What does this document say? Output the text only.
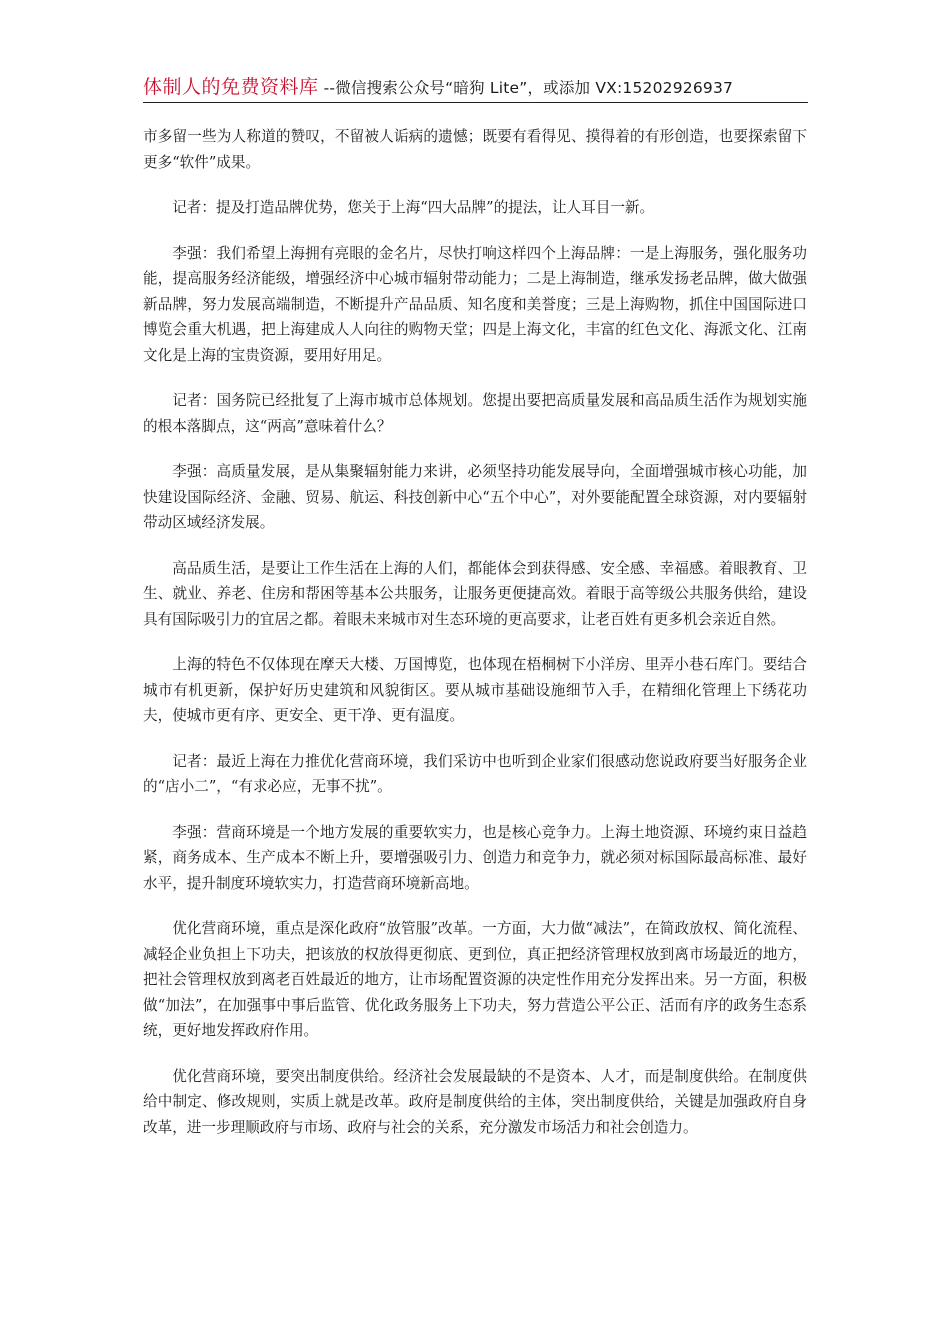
体制人的免费资料库 --微信搜索公众号“暗狗 Lite”，或添加 VX:15202926937

市多留一些为人称道的赞叹，不留被人诟病的遗憾；既要有看得见、摸得着的有形创造，也要探索留下更多“软件”成果。

记者：提及打造品牌优势，您关于上海“四大品牌”的提法，让人耳目一新。

李强：我们希望上海拥有亮眼的金名片，尽快打响这样四个上海品牌：一是上海服务，强化服务功能，提高服务经济能级，增强经济中心城市辐射带动能力；二是上海制造，继承发扬老品牌，做大做强新品牌，努力发展高端制造，不断提升产品品质、知名度和美誉度；三是上海购物，抓住中国国际进口博览会重大机遇，把上海建成人人向往的购物天堂；四是上海文化，丰富的红色文化、海派文化、江南文化是上海的宝贵资源，要用好用足。

记者：国务院已经批复了上海市城市总体规划。您提出要把高质量发展和高品质生活作为规划实施的根本落脚点，这“两高”意味着什么？

李强：高质量发展，是从集聚辐射能力来讲，必须坚持功能发展导向，全面增强城市核心功能，加快建设国际经济、金融、贸易、航运、科技创新中心“五个中心”，对外要能配置全球资源，对内要辐射带动区域经济发展。

高品质生活，是要让工作生活在上海的人们，都能体会到获得感、安全感、幸福感。着眼教育、卫生、就业、养老、住房和帮困等基本公共服务，让服务更便捷高效。着眼于高等级公共服务供给，建设具有国际吸引力的宜居之都。着眼未来城市对生态环境的更高要求，让老百姓有更多机会亲近自然。

上海的特色不仅体现在摩天大楼、万国博览，也体现在梧桐树下小洋房、里弄小巷石库门。要结合城市有机更新，保护好历史建筑和风貌街区。要从城市基础设施细节入手，在精细化管理上下绣花功夫，使城市更有序、更安全、更干净、更有温度。

记者：最近上海在力推优化营商环境，我们采访中也听到企业家们很感动您说政府要当好服务企业的“店小二”，“有求必应，无事不扰”。

李强：营商环境是一个地方发展的重要软实力，也是核心竞争力。上海土地资源、环境约束日益趋紧，商务成本、生产成本不断上升，要增强吸引力、创造力和竞争力，就必须对标国际最高标准、最好水平，提升制度环境软实力，打造营商环境新高地。

优化营商环境，重点是深化政府“放管服”改革。一方面，大力做“减法”，在简政放权、简化流程、减轻企业负担上下功夫，把该放的权放得更彻底、更到位，真正把经济管理权放到离市场最近的地方，把社会管理权放到离老百姓最近的地方，让市场配置资源的决定性作用充分发挥出来。另一方面，积极做“加法”，在加强事中事后监管、优化政务服务上下功夫，努力营造公平公正、活而有序的政务生态系统，更好地发挥政府作用。

优化营商环境，要突出制度供给。经济社会发展最缺的不是资本、人才，而是制度供给。在制度供给中制定、修改规则，实质上就是改革。政府是制度供给的主体，突出制度供给，关键是加强政府自身改革，进一步理顺政府与市场、政府与社会的关系，充分激发市场活力和社会创造力。
